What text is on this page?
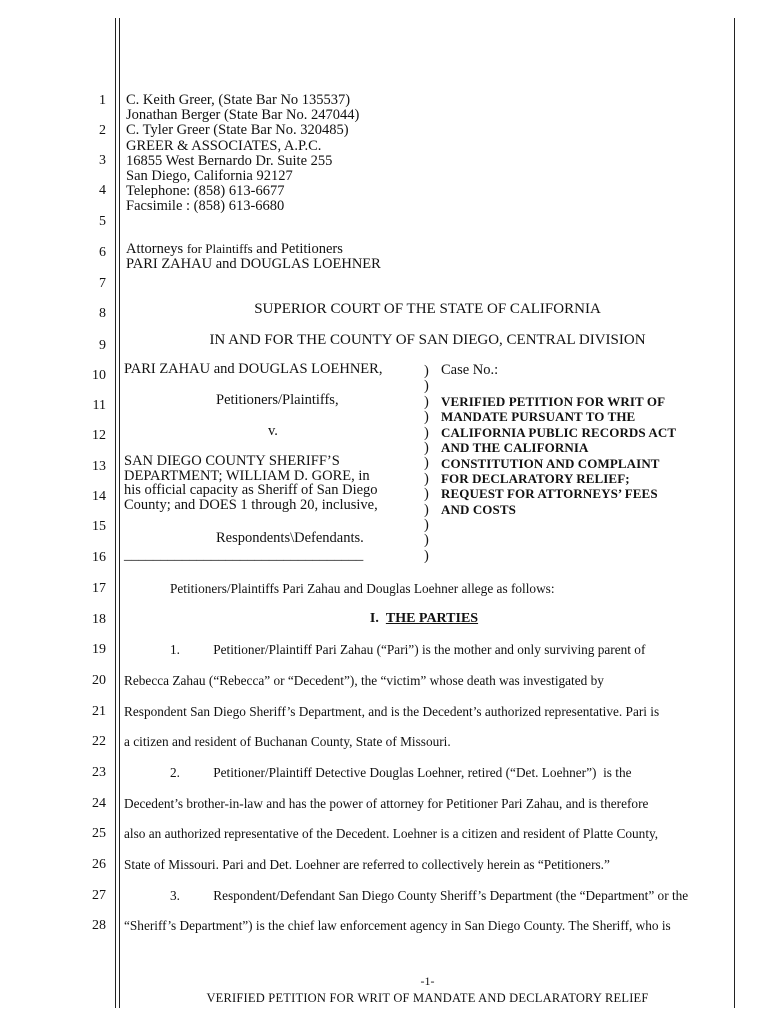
1
2
3
4
5
6
7
8
9
10
11
12
13
14
15
16
17
18
19
20
21
22
23
24
25
26
27
28
C. Keith Greer, (State Bar No 135537)
Jonathan Berger (State Bar No. 247044)
C. Tyler Greer (State Bar No. 320485)
GREER & ASSOCIATES, A.P.C.
16855 West Bernardo Dr. Suite 255
San Diego, California 92127
Telephone: (858) 613-6677
Facsimile : (858) 613-6680
Attorneys for Plaintiffs and Petitioners
PARI ZAHAU and DOUGLAS LOEHNER
SUPERIOR COURT OF THE STATE OF CALIFORNIA
IN AND FOR THE COUNTY OF SAN DIEGO, CENTRAL DIVISION
PARI ZAHAU and DOUGLAS LOEHNER,
Petitioners/Plaintiffs,
v.
SAN DIEGO COUNTY SHERIFF’S
DEPARTMENT; WILLIAM D. GORE, in
his official capacity as Sheriff of San Diego
County; and DOES 1 through 20, inclusive,
Respondents\Defendants.
_________________________________
)
)
)
)
)
)
)
)
)
)
)
)
)
Case No.:
VERIFIED PETITION FOR WRIT OF
MANDATE PURSUANT TO THE
CALIFORNIA PUBLIC RECORDS ACT
AND THE CALIFORNIA
CONSTITUTION AND COMPLAINT
FOR DECLARATORY RELIEF;
REQUEST FOR ATTORNEYS’ FEES
AND COSTS
Petitioners/Plaintiffs Pari Zahau and Douglas Loehner allege as follows:
I. THE PARTIES
1.          Petitioner/Plaintiff Pari Zahau (“Pari”) is the mother and only surviving parent of
Rebecca Zahau (“Rebecca” or “Decedent”), the “victim” whose death was investigated by
Respondent San Diego Sheriff’s Department, and is the Decedent’s authorized representative. Pari is
a citizen and resident of Buchanan County, State of Missouri.
2.          Petitioner/Plaintiff Detective Douglas Loehner, retired (“Det. Loehner”)  is the
Decedent’s brother-in-law and has the power of attorney for Petitioner Pari Zahau, and is therefore
also an authorized representative of the Decedent. Loehner is a citizen and resident of Platte County,
State of Missouri. Pari and Det. Loehner are referred to collectively herein as “Petitioners.”
3.          Respondent/Defendant San Diego County Sheriff’s Department (the “Department” or the
“Sheriff’s Department”) is the chief law enforcement agency in San Diego County. The Sheriff, who is
-1-
VERIFIED PETITION FOR WRIT OF MANDATE AND DECLARATORY RELIEF
